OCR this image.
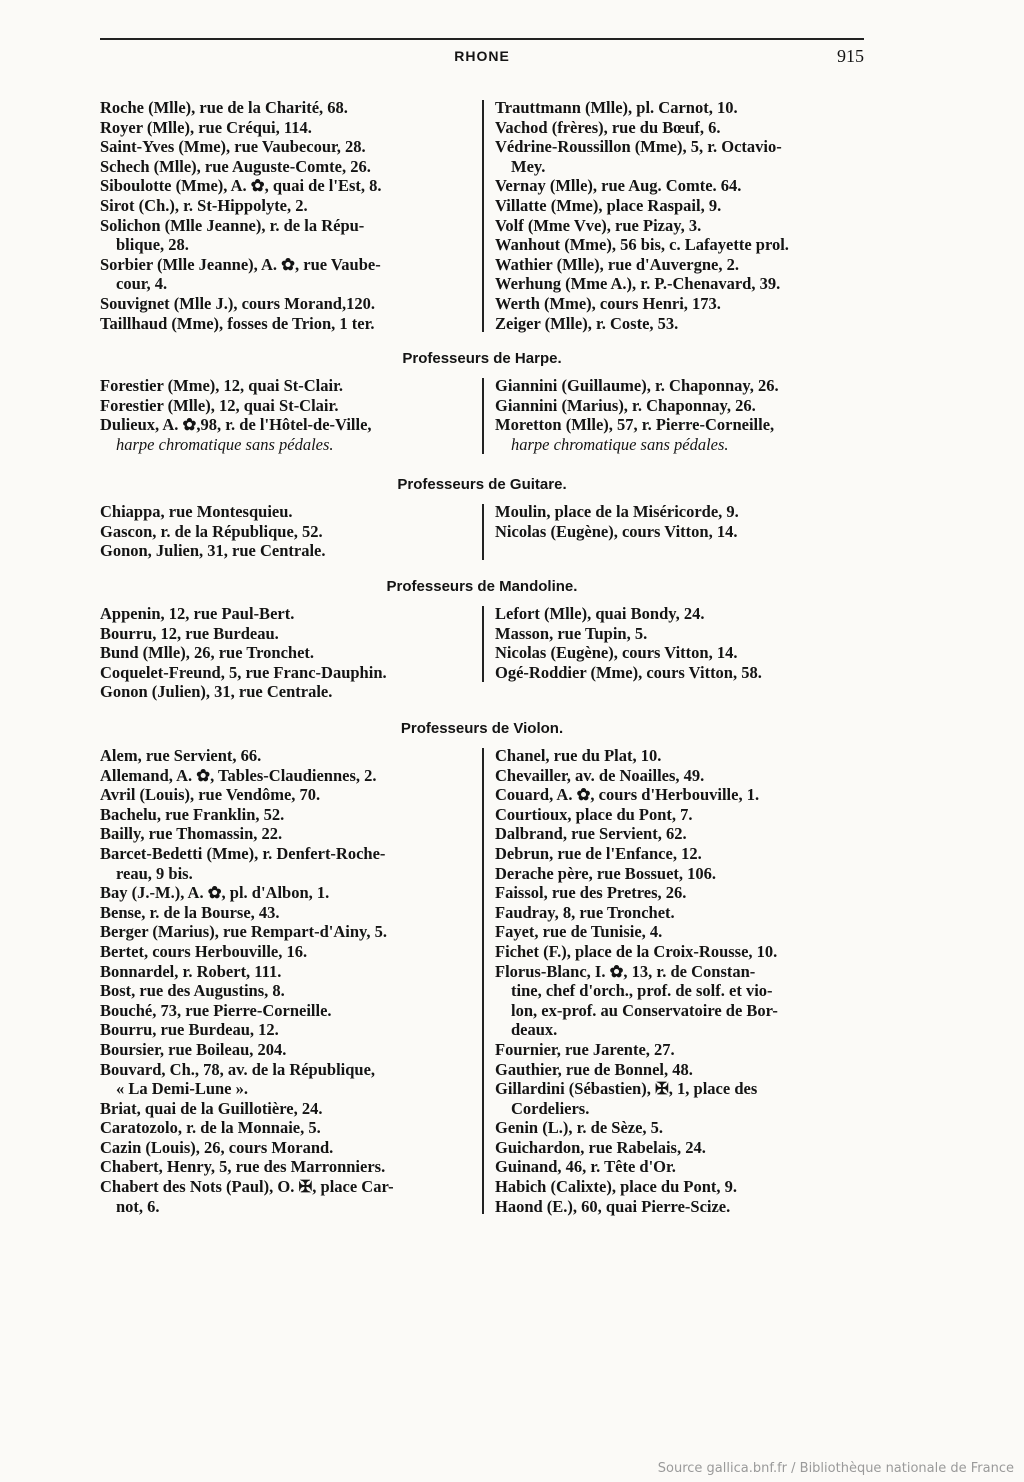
RHONE	915
Roche (Mlle), rue de la Charité, 68.
Royer (Mlle), rue Créqui, 114.
Saint-Yves (Mme), rue Vaubecour, 28.
Schech (Mlle), rue Auguste-Comte, 26.
Siboulotte (Mme), A. ✿, quai de l'Est, 8.
Sirot (Ch.), r. St-Hippolyte, 2.
Solichon (Mlle Jeanne), r. de la Répu-
blique, 28.
Sorbier (Mlle Jeanne), A. ✿, rue Vaube-
cour, 4.
Souvignet (Mlle J.), cours Morand,120.
Taillhaud (Mme), fosses de Trion, 1 ter.
Trauttmann (Mlle), pl. Carnot, 10.
Vachod (frères), rue du Bœuf, 6.
Védrine-Roussillon (Mme), 5, r. Octavio-
Mey.
Vernay (Mlle), rue Aug. Comte. 64.
Villatte (Mme), place Raspail, 9.
Volf (Mme Vve), rue Pizay, 3.
Wanhout (Mme), 56 bis, c. Lafayette prol.
Wathier (Mlle), rue d'Auvergne, 2.
Werhung (Mme A.), r. P.-Chenavard, 39.
Werth (Mme), cours Henri, 173.
Zeiger (Mlle), r. Coste, 53.
Professeurs de Harpe.
Forestier (Mme), 12, quai St-Clair.
Forestier (Mlle), 12, quai St-Clair.
Dulieux, A. ✿,98, r. de l'Hôtel-de-Ville,
harpe chromatique sans pédales.
Giannini (Guillaume), r. Chaponnay, 26.
Giannini (Marius), r. Chaponnay, 26.
Moretton (Mlle), 57, r. Pierre-Corneille,
harpe chromatique sans pédales.
Professeurs de Guitare.
Chiappa, rue Montesquieu.
Gascon, r. de la République, 52.
Gonon, Julien, 31, rue Centrale.
Moulin, place de la Miséricorde, 9.
Nicolas (Eugène), cours Vitton, 14.
Professeurs de Mandoline.
Appenin, 12, rue Paul-Bert.
Bourru, 12, rue Burdeau.
Bund (Mlle), 26, rue Tronchet.
Coquelet-Freund, 5, rue Franc-Dauphin.
Gonon (Julien), 31, rue Centrale.
Lefort (Mlle), quai Bondy, 24.
Masson, rue Tupin, 5.
Nicolas (Eugène), cours Vitton, 14.
Ogé-Roddier (Mme), cours Vitton, 58.
Professeurs de Violon.
Alem, rue Servient, 66.
Allemand, A. ✿, Tables-Claudiennes, 2.
Avril (Louis), rue Vendôme, 70.
Bachelu, rue Franklin, 52.
Bailly, rue Thomassin, 22.
Barcet-Bedetti (Mme), r. Denfert-Roche-
reau, 9 bis.
Bay (J.-M.), A. ✿, pl. d'Albon, 1.
Bense, r. de la Bourse, 43.
Berger (Marius), rue Rempart-d'Ainy, 5.
Bertet, cours Herbouville, 16.
Bonnardel, r. Robert, 111.
Bost, rue des Augustins, 8.
Bouché, 73, rue Pierre-Corneille.
Bourru, rue Burdeau, 12.
Boursier, rue Boileau, 204.
Bouvard, Ch., 78, av. de la République,
« La Demi-Lune ».
Briat, quai de la Guillotière, 24.
Caratozolo, r. de la Monnaie, 5.
Cazin (Louis), 26, cours Morand.
Chabert, Henry, 5, rue des Marronniers.
Chabert des Nots (Paul), O. ✠, place Car-
not, 6.
Chanel, rue du Plat, 10.
Chevailler, av. de Noailles, 49.
Couard, A. ✿, cours d'Herbouville, 1.
Courtioux, place du Pont, 7.
Dalbrand, rue Servient, 62.
Debrun, rue de l'Enfance, 12.
Derache père, rue Bossuet, 106.
Faissol, rue des Pretres, 26.
Faudray, 8, rue Tronchet.
Fayet, rue de Tunisie, 4.
Fichet (F.), place de la Croix-Rousse, 10.
Florus-Blanc, I. ✿, 13, r. de Constan-
tine, chef d'orch., prof. de solf. et vio-
lon, ex-prof. au Conservatoire de Bor-
deaux.
Fournier, rue Jarente, 27.
Gauthier, rue de Bonnel, 48.
Gillardini (Sébastien), ✠, 1, place des
Cordeliers.
Genin (L.), r. de Sèze, 5.
Guichardon, rue Rabelais, 24.
Guinand, 46, r. Tête d'Or.
Habich (Calixte), place du Pont, 9.
Haond (E.), 60, quai Pierre-Scize.
Source gallica.bnf.fr / Bibliothèque nationale de France
